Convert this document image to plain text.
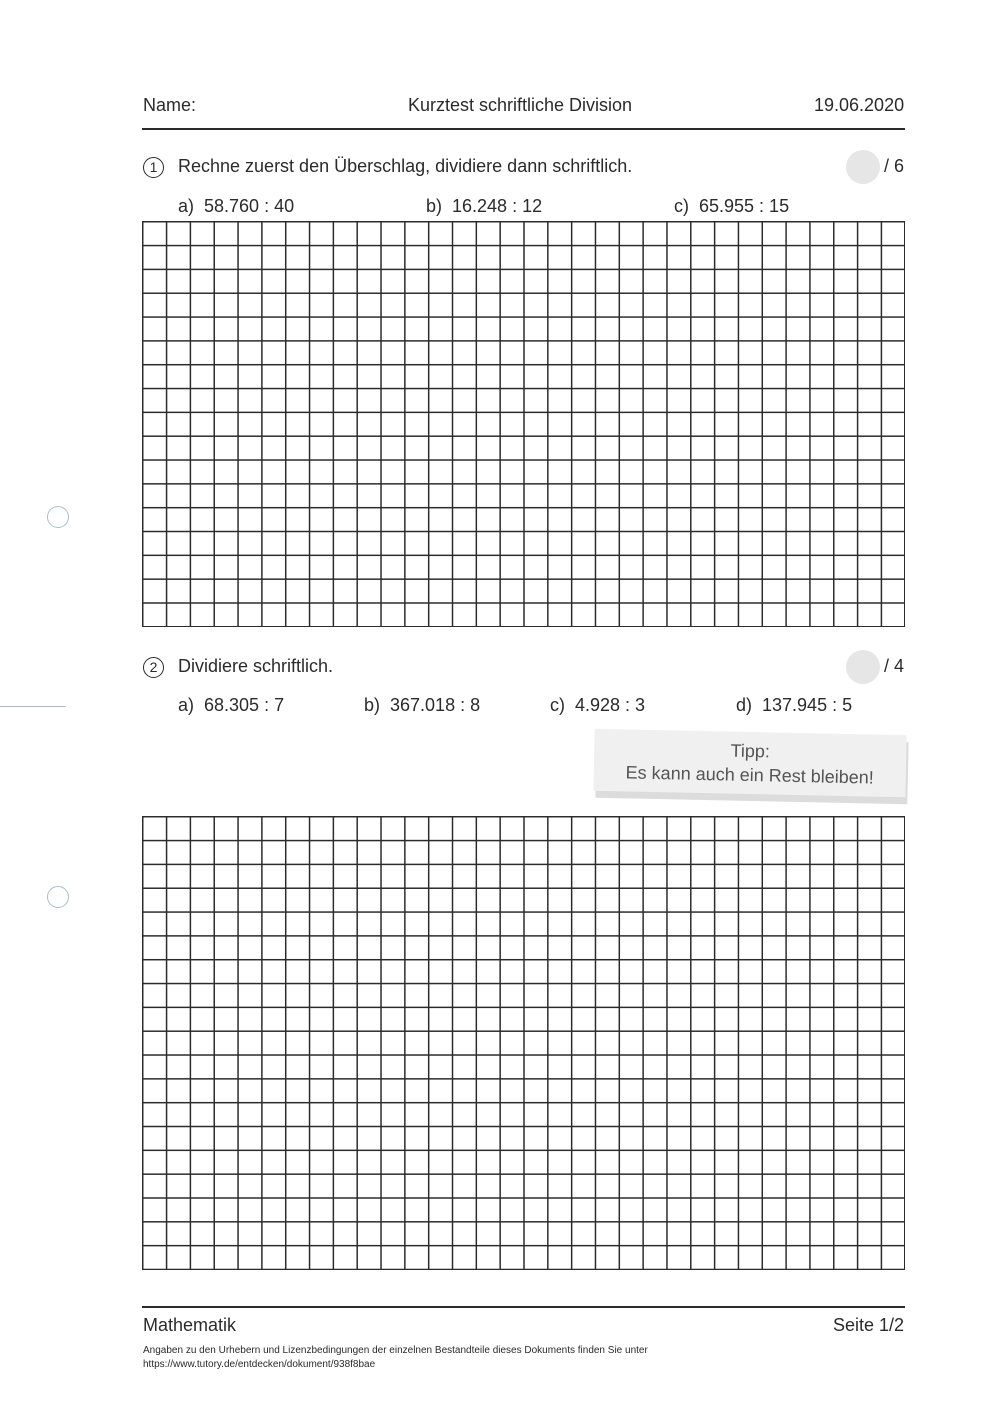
Name:	Kurztest schriftliche Division	19.06.2020
1	Rechne zuerst den Überschlag, dividiere dann schriftlich.	/ 6
a) 58.760 : 40	b) 16.248 : 12	c) 65.955 : 15
2	Dividiere schriftlich.	/ 4
a) 68.305 : 7	b) 367.018 : 8	c) 4.928 : 3	d) 137.945 : 5
Tipp:
Es kann auch ein Rest bleiben!
Mathematik	Seite 1/2
Angaben zu den Urhebern und Lizenzbedingungen der einzelnen Bestandteile dieses Dokuments finden Sie unter
https://www.tutory.de/entdecken/dokument/938f8bae
